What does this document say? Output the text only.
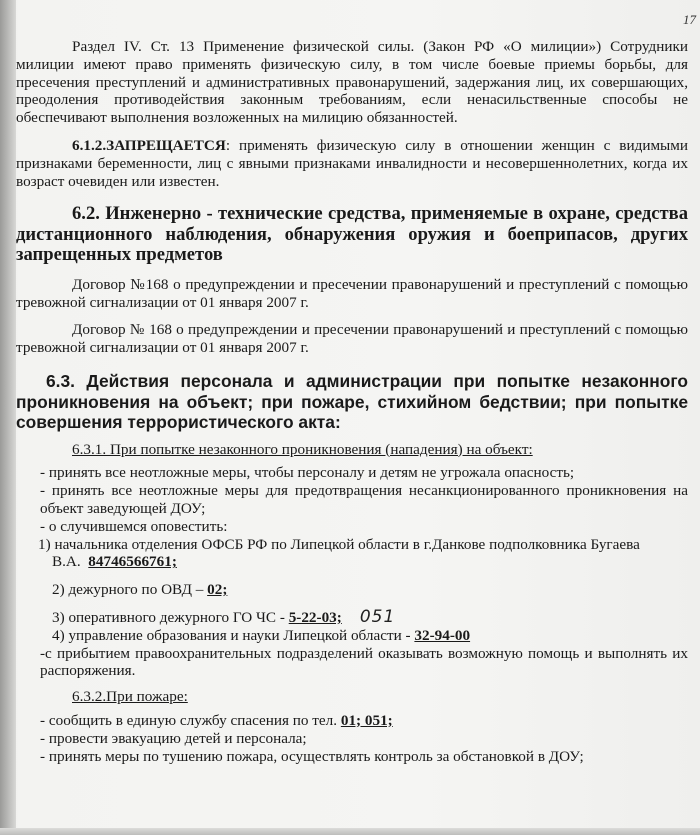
17

Раздел IV. Ст. 13 Применение физической силы. (Закон РФ «О милиции») Сотрудники милиции имеют право применять физическую силу, в том числе боевые приемы борьбы, для пресечения преступлений и административных правонарушений, задержания лиц, их совершающих, преодоления противодействия законным требованиям, если ненасильственные способы не обеспечивают выполнения возложенных на милицию обязанностей.

6.1.2.ЗАПРЕЩАЕТСЯ: применять физическую силу в отношении женщин с видимыми признаками беременности, лиц с явными признаками инвалидности и несовершеннолетних, когда их возраст очевиден или известен.

6.2. Инженерно - технические средства, применяемые в охране, средства дистанционного наблюдения, обнаружения оружия и боеприпасов, других запрещенных предметов

Договор №168 о предупреждении и пресечении правонарушений и преступлений с помощью тревожной сигнализации от 01 января 2007 г.

Договор № 168 о предупреждении и пресечении правонарушений и преступлений с помощью тревожной сигнализации от 01 января 2007 г.

6.3. Действия персонала и администрации при попытке незаконного проникновения на объект; при пожаре, стихийном бедствии; при попытке совершения террористического акта:

6.3.1. При попытке незаконного проникновения (нападения) на объект:

- принять все неотложные меры, чтобы персоналу и детям не угрожала опасность;

- принять все неотложные меры для предотвращения несанкционированного проникновения на объект заведующей ДОУ;

- о случившемся оповестить:

1) начальника отделения ОФСБ РФ по Липецкой области в г.Данкове подполковника Бугаева В.А. 84746566761;

2) дежурного по ОВД – 02;

3) оперативного дежурного ГО ЧС - 5-22-03; 051

4) управление образования и науки Липецкой области - 32-94-00

-с прибытием правоохранительных подразделений оказывать возможную помощь и выполнять их распоряжения.

6.3.2.При пожаре:

- сообщить в единую службу спасения по тел. 01; 051;

- провести эвакуацию детей и персонала;

- принять меры по тушению пожара, осуществлять контроль за обстановкой в ДОУ;
